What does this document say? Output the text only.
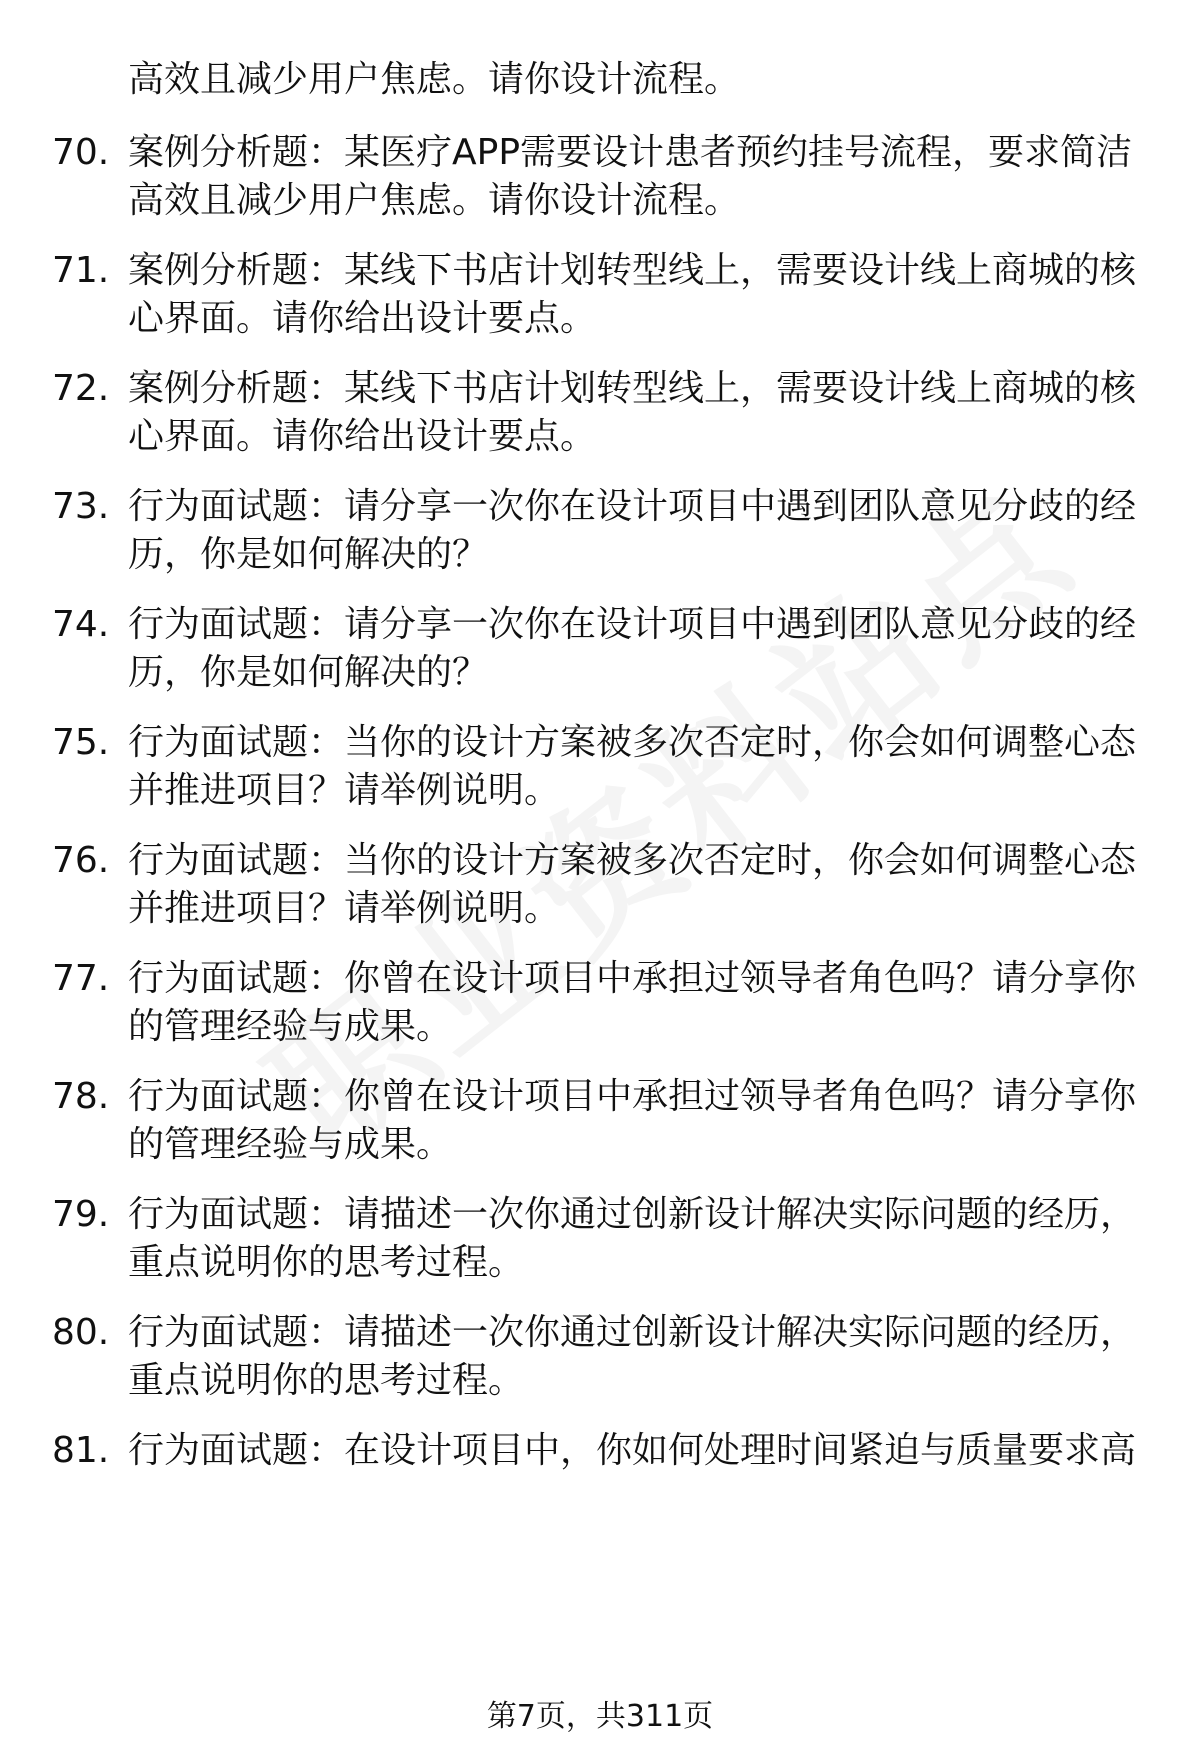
高效且减少用户焦虑。请你设计流程。
70. 案例分析题：某医疗APP需要设计患者预约挂号流程，要求简洁
高效且减少用户焦虑。请你设计流程。
71. 案例分析题：某线下书店计划转型线上，需要设计线上商城的核
心界面。请你给出设计要点。
72. 案例分析题：某线下书店计划转型线上，需要设计线上商城的核
心界面。请你给出设计要点。
73. 行为面试题：请分享一次你在设计项目中遇到团队意见分歧的经
历，你是如何解决的？
74. 行为面试题：请分享一次你在设计项目中遇到团队意见分歧的经
历，你是如何解决的？
75. 行为面试题：当你的设计方案被多次否定时，你会如何调整心态
并推进项目？请举例说明。
76. 行为面试题：当你的设计方案被多次否定时，你会如何调整心态
并推进项目？请举例说明。
77. 行为面试题：你曾在设计项目中承担过领导者角色吗？请分享你
的管理经验与成果。
78. 行为面试题：你曾在设计项目中承担过领导者角色吗？请分享你
的管理经验与成果。
79. 行为面试题：请描述一次你通过创新设计解决实际问题的经历，
重点说明你的思考过程。
80. 行为面试题：请描述一次你通过创新设计解决实际问题的经历，
重点说明你的思考过程。
81. 行为面试题：在设计项目中，你如何处理时间紧迫与质量要求高
第7页，共311页
